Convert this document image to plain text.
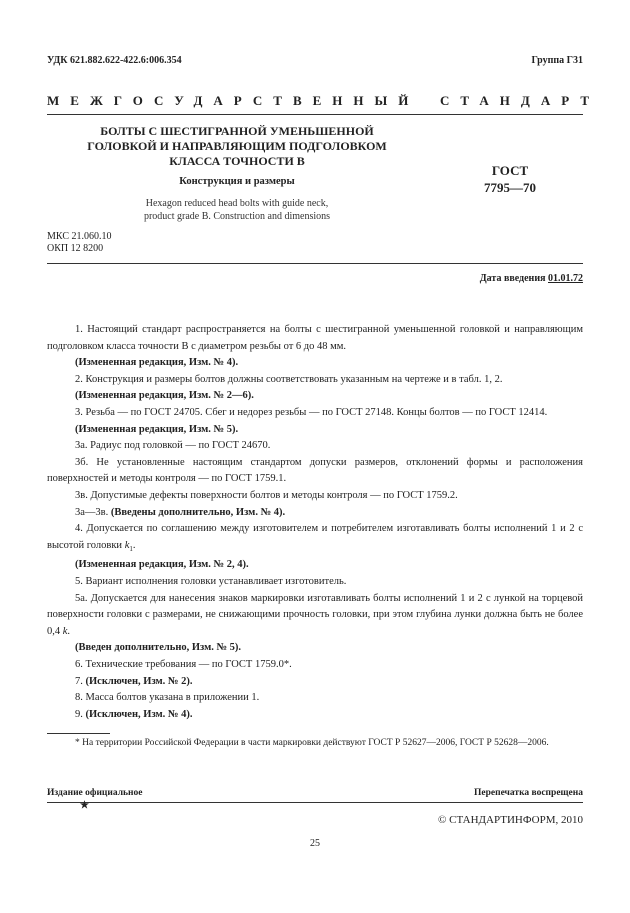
УДК 621.882.622-422.6:006.354	Группа Г31
МЕЖГОСУДАРСТВЕННЫЙ СТАНДАРТ
БОЛТЫ С ШЕСТИГРАННОЙ УМЕНЬШЕННОЙ
ГОЛОВКОЙ И НАПРАВЛЯЮЩИМ ПОДГОЛОВКОМ
КЛАССА ТОЧНОСТИ В
Конструкция и размеры
Hexagon reduced head bolts with guide neck,
product grade B. Construction and dimensions
ГОСТ
7795—70
МКС 21.060.10
ОКП 12 8200
Дата введения 01.01.72

1. Настоящий стандарт распространяется на болты с шестигранной уменьшенной головкой и направляющим подголовком класса точности В с диаметром резьбы от 6 до 48 мм.

(Измененная редакция, Изм. № 4).

2. Конструкция и размеры болтов должны соответствовать указанным на чертеже и в табл. 1, 2.

(Измененная редакция, Изм. № 2—6).

3. Резьба — по ГОСТ 24705. Сбег и недорез резьбы — по ГОСТ 27148. Концы болтов — по ГОСТ 12414.

(Измененная редакция, Изм. № 5).

3а. Радиус под головкой — по ГОСТ 24670.

3б. Не установленные настоящим стандартом допуски размеров, отклонений формы и расположения поверхностей и методы контроля — по ГОСТ 1759.1.

3в. Допустимые дефекты поверхности болтов и методы контроля — по ГОСТ 1759.2.

3а—3в. (Введены дополнительно, Изм. № 4).

4. Допускается по соглашению между изготовителем и потребителем изготавливать болты исполнений 1 и 2 с высотой головки $k_1$.

(Измененная редакция, Изм. № 2, 4).

5. Вариант исполнения головки устанавливает изготовитель.

5а. Допускается для нанесения знаков маркировки изготавливать болты исполнений 1 и 2 с лункой на торцевой поверхности головки с размерами, не снижающими прочность головки, при этом глубина лунки должна быть не более 0,4 k.

(Введен дополнительно, Изм. № 5).

6. Технические требования — по ГОСТ 1759.0*.

7. (Исключен, Изм. № 2).

8. Масса болтов указана в приложении 1.

9. (Исключен, Изм. № 4).

* На территории Российской Федерации в части маркировки действуют ГОСТ Р 52627—2006, ГОСТ Р 52628—2006.
Издание официальное	Перепечатка воспрещена
★
© СТАНДАРТИНФОРМ, 2010
25
